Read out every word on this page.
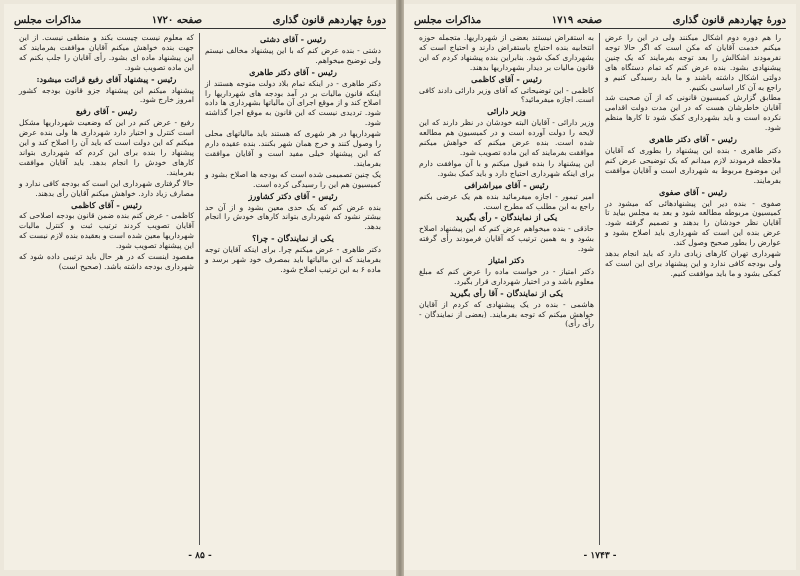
دورهٔ چهاردهم قانون گذاری
صفحه ۱۷۲۰
مذاکرات مجلس

رئیس - آقای دشتی

دشتی - بنده عرض کنم که با این پیشنهاد مخالف نیستم ولی توضیح میخواهم.

رئیس - آقای دکتر طاهری

دکتر طاهری - در اینکه تمام بلاد دولت متوجه هستند از اینکه قانون مالیات بر در آمد بودجه های شهرداریها را اصلاح کند و از موقع اجرای آن مالیاتها بشهرداری ها داده شود. تردیدی نیست که این قانون به موقع اجرا گذاشته شود.

شهرداریها در هر شهری که هستند باید مالیاتهای محلی را وصول کنند و خرج همان شهر بکنند. بنده عقیده دارم که این پیشنهاد خیلی مفید است و آقایان موافقت بفرمایند.

یک چنین تصمیمی شده است که بودجه ها اصلاح بشود و کمیسیون هم این را رسیدگی کرده است.

رئیس - آقای دکتر کشاورز

بنده عرض کنم که یک حدی معین بشود و از آن حد بیشتر نشود که شهرداری بتواند کارهای خودش را انجام بدهد.

یکی از نمایندگان - چرا؟

دکتر طاهری - عرض میکنم چرا. برای اینکه آقایان توجه بفرمایند که این مالیاتها باید بمصرف خود شهر برسد و ماده ۶ به این ترتیب اصلاح شود.

که معلوم نیست چیست بکند و منطقی نیست. از این جهت بنده خواهش میکنم آقایان موافقت بفرمایند که این پیشنهاد ماده ای بشود. رأی آقایان را جلب بکنم که این ماده تصویب شود.

رئیس - پیشنهاد آقای رفیع قرائت میشود:

پیشنهاد میکنم این پیشنهاد جزو قانون بودجه کشور امروز خارج شود.

رئیس - آقای رفیع

رفیع - عرض کنم در این که وضعیت شهرداریها مشکل است کنترل و اختیار دارد شهرداری ها ولی بنده عرض میکنم که این دولت است که باید آن را اصلاح کند و این پیشنهاد را بنده برای این کردم که شهرداری بتواند کارهای خودش را انجام بدهد. باید آقایان موافقت بفرمایند.

حالا گرفتاری شهرداری این است که بودجه کافی ندارد و مصارف زیاد دارد. خواهش میکنم آقایان رأی بدهند.

رئیس - آقای کاظمی

کاظمی - عرض کنم بنده ضمن قانون بودجه اصلاحی که آقایان تصویب کردند ترتیب ثبت و کنترل مالیات شهرداریها معین شده است و بعقیده بنده لازم نیست که این پیشنهاد تصویب شود.

مقصود اینست که در هر حال باید ترتیبی داده شود که شهرداری بودجه داشته باشد. (صحیح است)

- ۸۵ -
دورهٔ چهاردهم قانون گذاری
صفحه ۱۷۱۹
مذاکرات مجلس

را هم دوره دوم اشکال میکنند ولی در این را عرض میکنم خدمت آقایان که مکن است که اگر حالا توجه نفرمودند اشکالش را بعد توجه بفرمایند که یک چنین پیشنهادی بشود. بنده عرض کنم که تمام دستگاه های دولتی اشکال داشته باشند و ما باید رسیدگی کنیم و راجع به آن کار اساسی بکنیم.

مطابق گزارش کمیسیون قانونی که از آن صحبت شد آقایان خاطرشان هست که در این مدت دولت اقدامی نکرده است و باید بشهرداری کمک شود تا کارها منظم شود.

رئیس - آقای دکتر طاهری

دکتر طاهری - بنده این پیشنهاد را بطوری که آقایان ملاحظه فرمودند لازم میدانم که یک توضیحی عرض کنم این موضوع مربوط به شهرداری است و آقایان موافقت بفرمایند.

رئیس - آقای صفوی

صفوی - بنده دیر این پیشنهادهائی که میشود در کمیسیون مربوطه مطالعه شود و بعد به مجلس بیاید تا آقایان نظر خودشان را بدهند و تصمیم گرفته شود. عرض بنده این است که شهرداری باید اصلاح بشود و عوارض را بطور صحیح وصول کند.

شهرداری تهران کارهای زیادی دارد که باید انجام بدهد ولی بودجه کافی ندارد و این پیشنهاد برای این است که کمکی بشود و ما باید موافقت کنیم.

به استقراض نیستند بعضی از شهرداریها. متجمله حوزه انتخابیه بنده احتیاج باستقراض دارند و احتیاج است که بشهرداری کمک شود. بنابراین بنده پیشنهاد کردم که این قانون مالیات بر دیدار بشهرداریها بدهند.

رئیس - آقای کاظمی

کاظمی - این توضیحاتی که آقای وزیر دارائی دادند کافی است. اجازه میفرمائید؟

وزیر دارائی

وزیر دارائی - آقایان البته خودشان در نظر دارند که این لایحه را دولت آورده است و در کمیسیون هم مطالعه شده است. بنده عرض میکنم که خواهش میکنم موافقت بفرمایند که این ماده تصویب شود.

این پیشنهاد را بنده قبول میکنم و با آن موافقت دارم برای اینکه شهرداری احتیاج دارد و باید کمک بشود.

رئیس - آقای میراشرافی

امیر تیمور - اجازه میفرمائید بنده هم یک عرضی بکنم راجع به این مطلب که مطرح است.

یکی از نمایندگان - رأی بگیرید

حاذقی - بنده میخواهم عرض کنم که این پیشنهاد اصلاح بشود و به همین ترتیب که آقایان فرمودند رأی گرفته شود.

دکتر امتیاز

دکتر امتیاز - در خواست ماده را عرض کنم که مبلغ معلوم باشد و در اختیار شهرداری قرار بگیرد.

یکی از نمایندگان - آقا رأی بگیرید

هاشمی - بنده در یک پیشنهادی که کردم از آقایان خواهش میکنم که توجه بفرمایند. (بعضی از نمایندگان - رأی رأی)

- ۱۷۴۳ -
